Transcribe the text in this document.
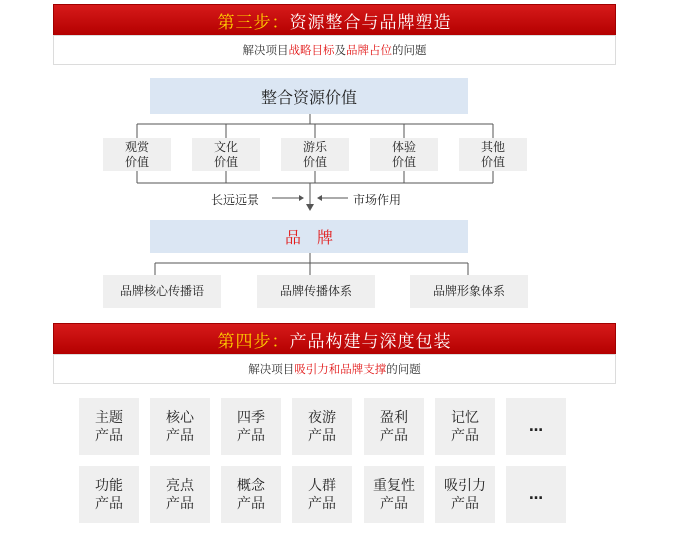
第三步： 资源整合与品牌塑造
解决项目 战略目标 及 品牌占位 的问题
整合资源价值
观赏
价值
文化
价值
游乐
价值
体验
价值
其他
价值
长远远景	市场作用
品　牌
品牌核心传播语	品牌传播体系	品牌形象体系
第四步： 产品构建与深度包装
解决项目 吸引力和品牌支撑 的问题
主题
产品
核心
产品
四季
产品
夜游
产品
盈利
产品
记忆
产品
…
功能
产品
亮点
产品
概念
产品
人群
产品
重复性
产品
吸引力
产品
…
